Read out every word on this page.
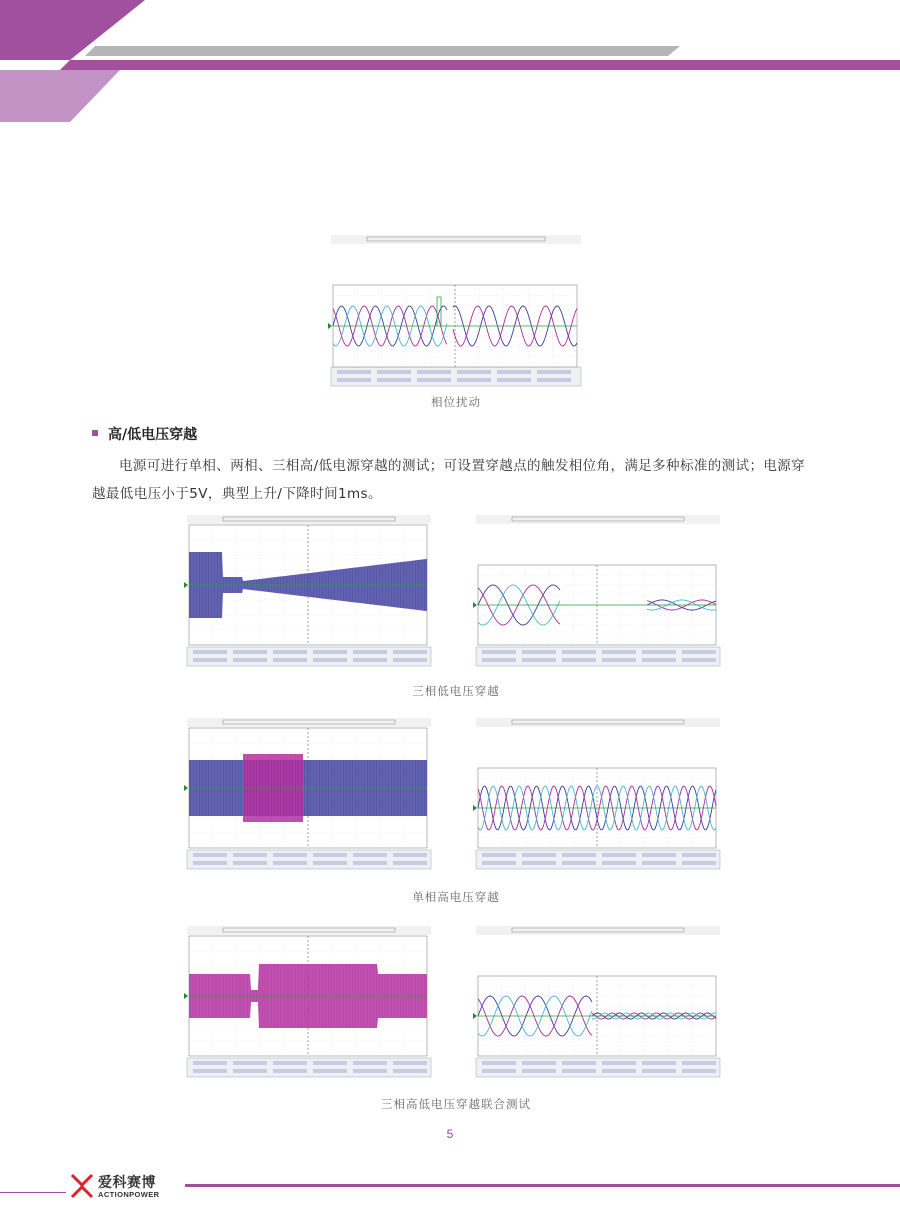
相位扰动
高/低电压穿越
电源可进行单相、两相、三相高/低电源穿越的测试；可设置穿越点的触发相位角，满足多种标准的测试；电源穿越最低电压小于5V，典型上升/下降时间1ms。
三相低电压穿越
单相高电压穿越
三相高低电压穿越联合测试
5
爱科赛博
ACTIONPOWER
